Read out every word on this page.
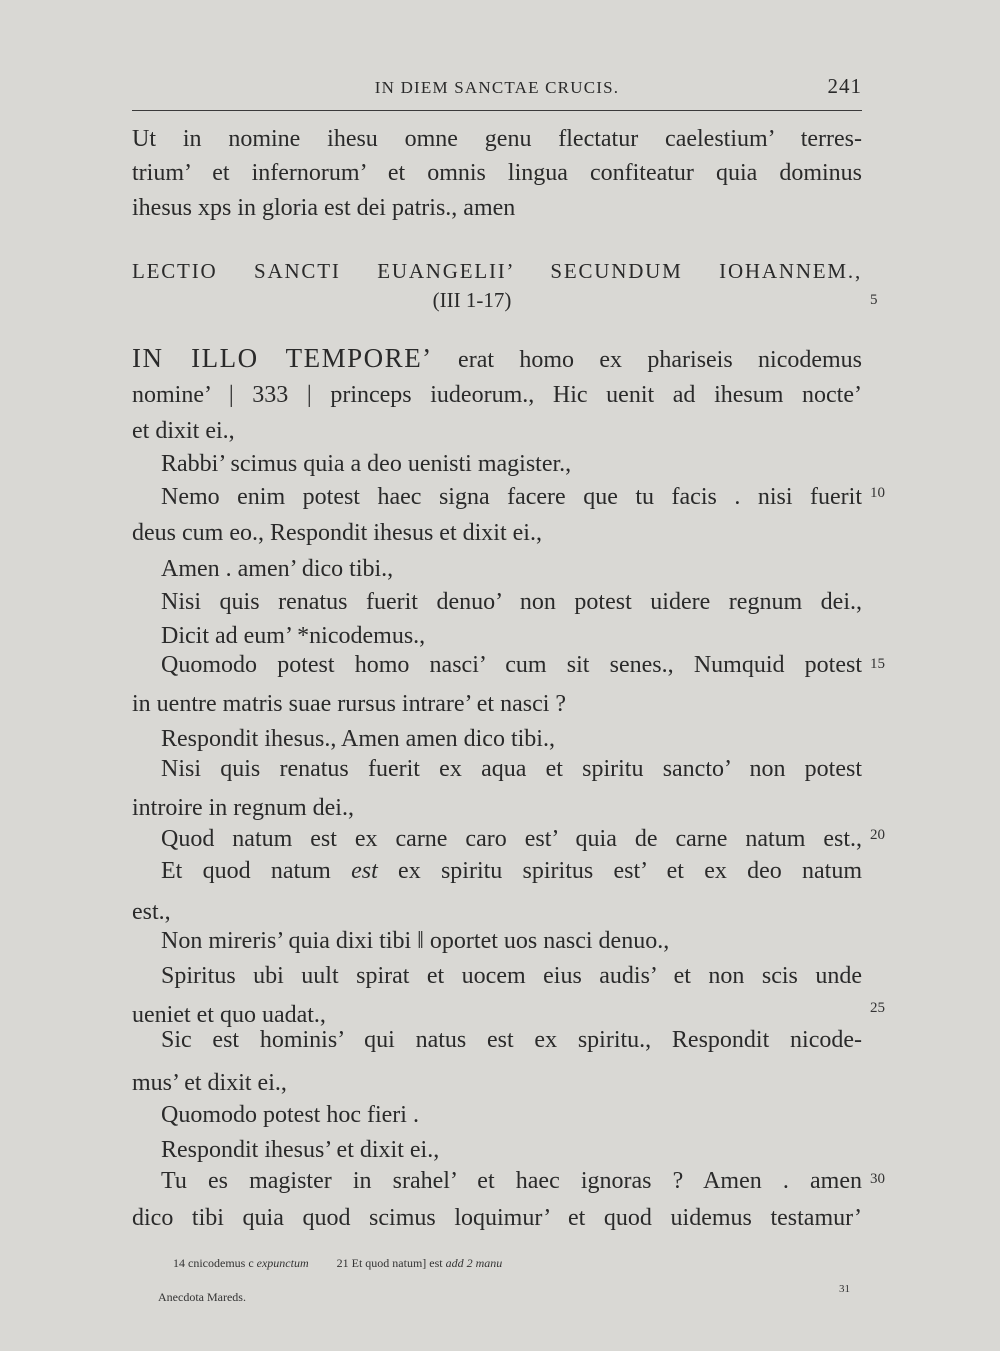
IN DIEM SANCTAE CRUCIS.	241
Ut in nomine ihesu omne genu flectatur caelestium’ terres-
trium’ et infernorum’ et omnis lingua confiteatur quia dominus
ihesus xps in gloria est dei patris., amen
LECTIO SANCTI EUANGELII’ SECUNDUM IOHANNEM.,
(III 1-17)
IN ILLO TEMPORE’ erat homo ex phariseis nicodemus
nomine’ | 333 | princeps iudeorum., Hic uenit ad ihesum nocte’
et dixit ei.,
Rabbi’ scimus quia a deo uenisti magister.,
Nemo enim potest haec signa facere que tu facis . nisi fuerit
deus cum eo., Respondit ihesus et dixit ei.,
Amen . amen’ dico tibi.,
Nisi quis renatus fuerit denuo’ non potest uidere regnum dei.,
Dicit ad eum’ *nicodemus.,
Quomodo potest homo nasci’ cum sit senes., Numquid potest
in uentre matris suae rursus intrare’ et nasci ?
Respondit ihesus., Amen amen dico tibi.,
Nisi quis renatus fuerit ex aqua et spiritu sancto’ non potest
introire in regnum dei.,
Quod natum est ex carne caro est’ quia de carne natum est.,
Et quod natum est ex spiritu spiritus est’ et ex deo natum
est.,
Non mireris’ quia dixi tibi ‖ oportet uos nasci denuo.,
Spiritus ubi uult spirat et uocem eius audis’ et non scis unde
ueniet et quo uadat.,
Sic est hominis’ qui natus est ex spiritu., Respondit nicode-
mus’ et dixit ei.,
Quomodo potest hoc fieri .
Respondit ihesus’ et dixit ei.,
Tu es magister in srahel’ et haec ignoras ? Amen . amen
dico tibi quia quod scimus loquimur’ et quod uidemus testamur’
5
10
15
20
25
30
14 cnicodemus c expunctum 21 Et quod natum] est add 2 manu
Anecdota Mareds.
31
